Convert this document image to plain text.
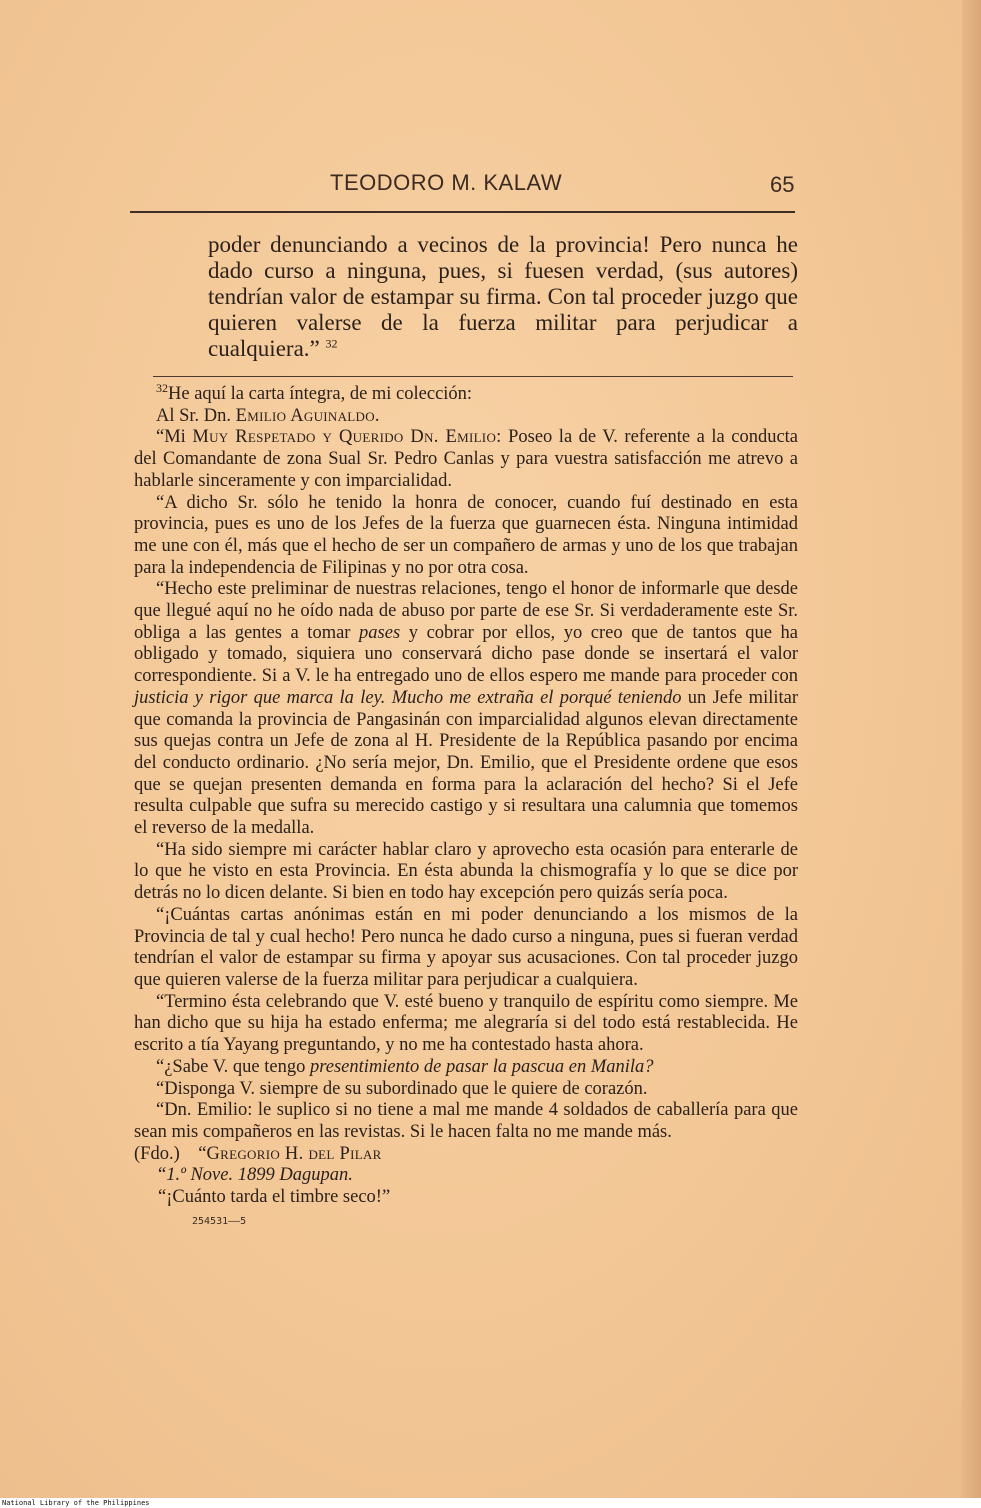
TEODORO M. KALAW	65
poder denunciando a vecinos de la provincia! Pero nunca he dado curso a ninguna, pues, si fuesen verdad, (sus autores) tendrían valor de estampar su firma. Con tal proceder juzgo que quieren valerse de la fuerza militar para perjudicar a cualquiera.” $^{32}$

$^{32}$He aquí la carta íntegra, de mi colección:

Al Sr. Dn. Emilio Aguinaldo.

“Mi Muy Respetado y Querido Dn. Emilio: Poseo la de V. referente a la conducta del Comandante de zona Sual Sr. Pedro Canlas y para vuestra satisfacción me atrevo a hablarle sinceramente y con imparcialidad.

“A dicho Sr. sólo he tenido la honra de conocer, cuando fuí destinado en esta provincia, pues es uno de los Jefes de la fuerza que guarnecen ésta. Ninguna intimidad me une con él, más que el hecho de ser un compañero de armas y uno de los que trabajan para la independencia de Filipinas y no por otra cosa.

“Hecho este preliminar de nuestras relaciones, tengo el honor de informarle que desde que llegué aquí no he oído nada de abuso por parte de ese Sr. Si verdaderamente este Sr. obliga a las gentes a tomar pases y cobrar por ellos, yo creo que de tantos que ha obligado y tomado, siquiera uno conservará dicho pase donde se insertará el valor correspondiente. Si a V. le ha entregado uno de ellos espero me mande para proceder con justicia y rigor que marca la ley. Mucho me extraña el porqué teniendo un Jefe militar que comanda la provincia de Pangasinán con imparcialidad algunos elevan directamente sus quejas contra un Jefe de zona al H. Presidente de la República pasando por encima del conducto ordinario. ¿No sería mejor, Dn. Emilio, que el Presidente ordene que esos que se quejan presenten demanda en forma para la aclaración del hecho? Si el Jefe resulta culpable que sufra su merecido castigo y si resultara una calumnia que tomemos el reverso de la medalla.

“Ha sido siempre mi carácter hablar claro y aprovecho esta ocasión para enterarle de lo que he visto en esta Provincia. En ésta abunda la chismografía y lo que se dice por detrás no lo dicen delante. Si bien en todo hay excepción pero quizás sería poca.

“¡Cuántas cartas anónimas están en mi poder denunciando a los mismos de la Provincia de tal y cual hecho! Pero nunca he dado curso a ninguna, pues si fueran verdad tendrían el valor de estampar su firma y apoyar sus acusaciones. Con tal proceder juzgo que quieren valerse de la fuerza militar para perjudicar a cualquiera.

“Termino ésta celebrando que V. esté bueno y tranquilo de espíritu como siempre. Me han dicho que su hija ha estado enferma; me alegraría si del todo está restablecida. He escrito a tía Yayang preguntando, y no me ha contestado hasta ahora.

“¿Sabe V. que tengo presentimiento de pasar la pascua en Manila?

“Disponga V. siempre de su subordinado que le quiere de corazón.

“Dn. Emilio: le suplico si no tiene a mal me mande 4 soldados de caballería para que sean mis compañeros en las revistas. Si le hacen falta no me mande más.

(Fdo.) “Gregorio H. del Pilar

“1.º Nove. 1899 Dagupan.

“¡Cuánto tarda el timbre seco!”

254531——5
National Library of the Philippines
